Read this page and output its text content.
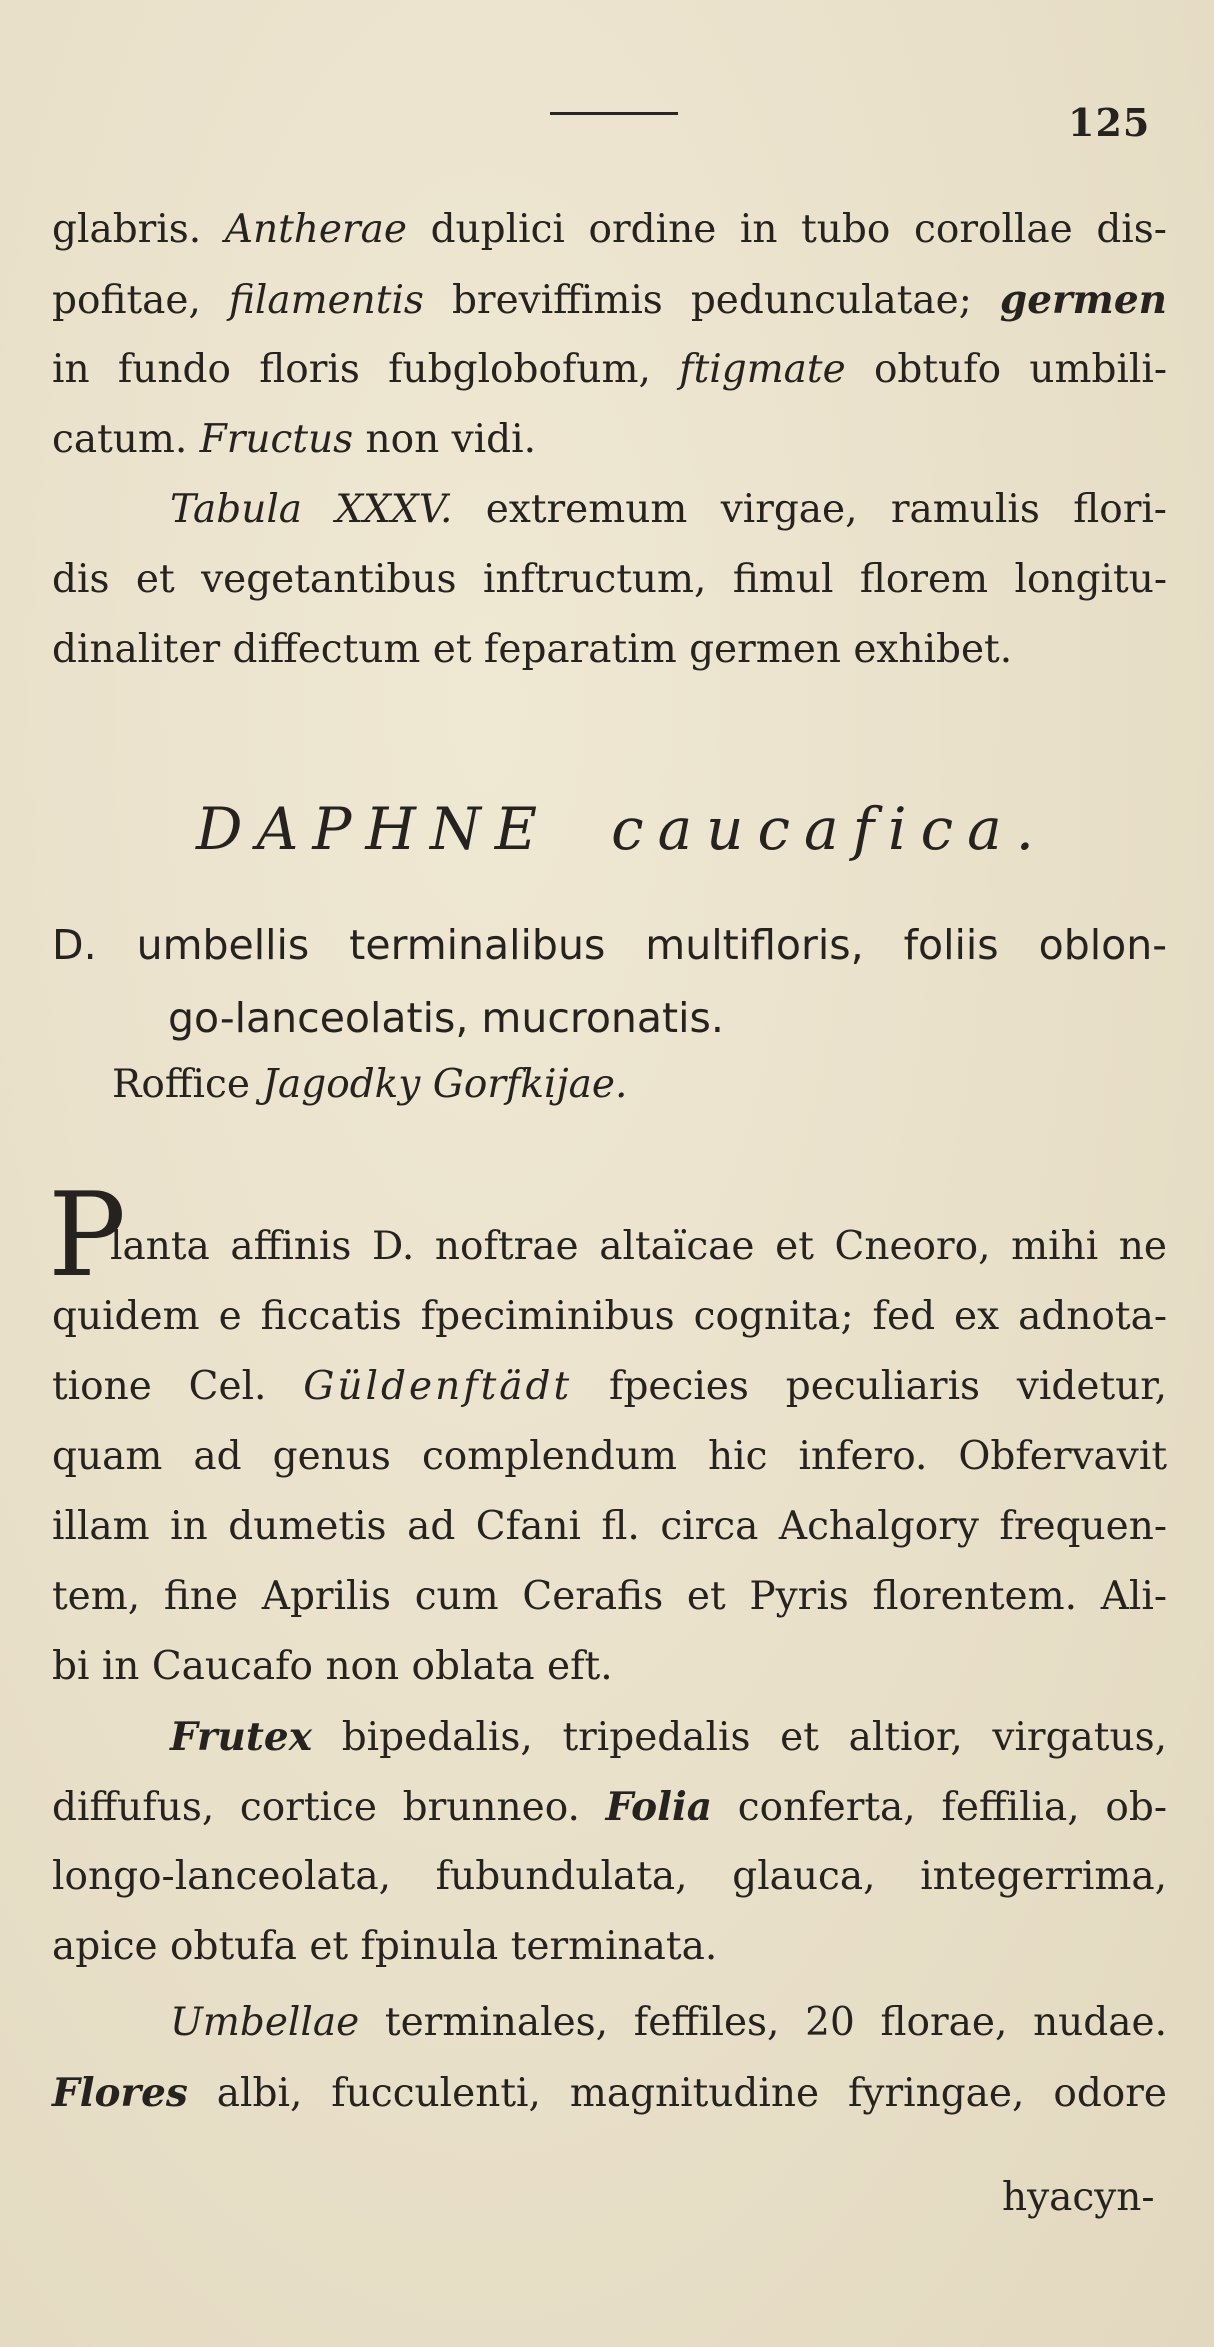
125
glabris. Antherae duplici ordine in tubo corollae dis-
pofitae, filamentis breviffimis pedunculatae; germen
in fundo floris fubglobofum, ftigmate obtufo umbili-
catum. Fructus non vidi.
Tabula XXXV. extremum virgae, ramulis flori-
dis et vegetantibus inftructum, fimul florem longitu-
dinaliter diffectum et feparatim germen exhibet.
DAPHNE caucafica.
D. umbellis terminalibus multifloris, foliis oblon-
go-lanceolatis, mucronatis.
Roffice Jagodky Gorfkijae.
P
lanta affinis D. noftrae altaïcae et Cneoro, mihi ne
quidem e ficcatis fpeciminibus cognita; fed ex adnota-
tione Cel. Güldenftädt fpecies peculiaris videtur,
quam ad genus complendum hic infero. Obfervavit
illam in dumetis ad Cfani fl. circa Achalgory frequen-
tem, fine Aprilis cum Cerafis et Pyris florentem. Ali-
bi in Caucafo non oblata eft.
Frutex bipedalis, tripedalis et altior, virgatus,
diffufus, cortice brunneo. Folia conferta, feffilia, ob-
longo-lanceolata, fubundulata, glauca, integerrima,
apice obtufa et fpinula terminata.
Umbellae terminales, feffiles, 20 florae, nudae.
Flores albi, fucculenti, magnitudine fyringae, odore
hyacyn-
